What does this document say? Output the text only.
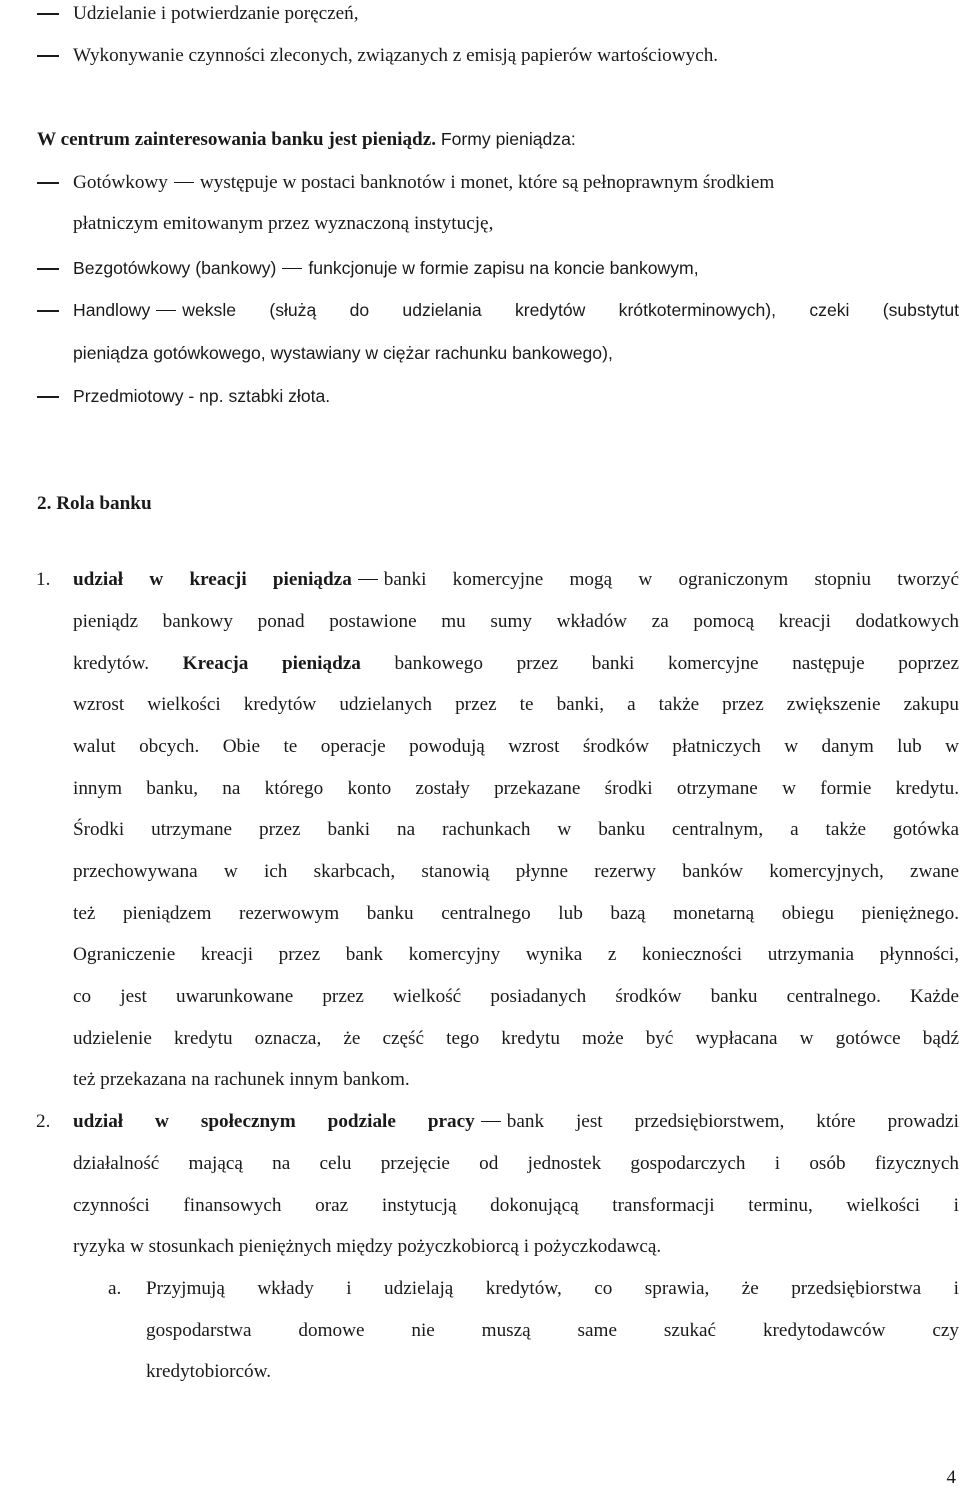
Udzielanie i potwierdzanie poręczeń,
Wykonywanie czynności zleconych, związanych z emisją papierów wartościowych.
W centrum zainteresowania banku jest pieniądz. Formy pieniądza:
Gotówkowy występuje w postaci banknotów i monet, które są pełnoprawnym środkiem
płatniczym emitowanym przez wyznaczoną instytucję,
Bezgotówkowy (bankowy) funkcjonuje w formie zapisu na koncie bankowym,
Handlowy weksle (służą do udzielania kredytów krótkoterminowych), czeki (substytut
pieniądza gotówkowego, wystawiany w ciężar rachunku bankowego),
Przedmiotowy - np. sztabki złota.
2. Rola banku
1. udział w kreacji pieniądza banki komercyjne mogą w ograniczonym stopniu tworzyć
pieniądz bankowy ponad postawione mu sumy wkładów za pomocą kreacji dodatkowych
kredytów. Kreacja pieniądza bankowego przez banki komercyjne następuje poprzez
wzrost wielkości kredytów udzielanych przez te banki, a także przez zwiększenie zakupu
walut obcych. Obie te operacje powodują wzrost środków płatniczych w danym lub w
innym banku, na którego konto zostały przekazane środki otrzymane w formie kredytu.
Środki utrzymane przez banki na rachunkach w banku centralnym, a także gotówka
przechowywana w ich skarbcach, stanowią płynne rezerwy banków komercyjnych, zwane
też pieniądzem rezerwowym banku centralnego lub bazą monetarną obiegu pieniężnego.
Ograniczenie kreacji przez bank komercyjny wynika z konieczności utrzymania płynności,
co jest uwarunkowane przez wielkość posiadanych środków banku centralnego. Każde
udzielenie kredytu oznacza, że część tego kredytu może być wypłacana w gotówce bądź
też przekazana na rachunek innym bankom.
2. udział w społecznym podziale pracy bank jest przedsiębiorstwem, które prowadzi
działalność mającą na celu przejęcie od jednostek gospodarczych i osób fizycznych
czynności finansowych oraz instytucją dokonującą transformacji terminu, wielkości i
ryzyka w stosunkach pieniężnych między pożyczkobiorcą i pożyczkodawcą.
a. Przyjmują wkłady i udzielają kredytów, co sprawia, że przedsiębiorstwa i
gospodarstwa domowe nie muszą same szukać kredytodawców czy
kredytobiorców.
4
